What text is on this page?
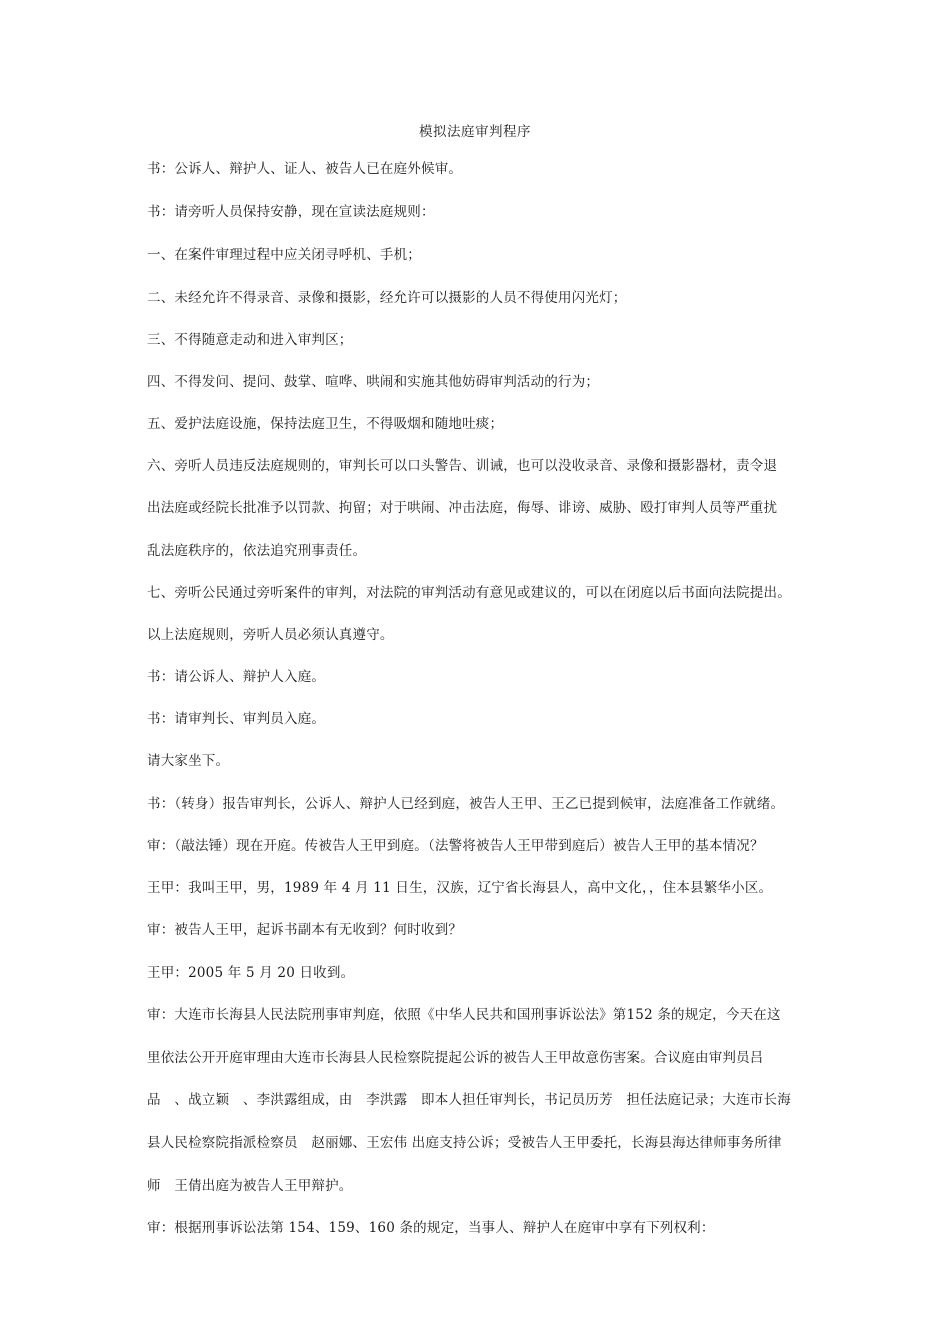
模拟法庭审判程序
书：公诉人、辩护人、证人、被告人已在庭外候审。
书：请旁听人员保持安静，现在宣读法庭规则：
一、在案件审理过程中应关闭寻呼机、手机；
二、未经允许不得录音、录像和摄影，经允许可以摄影的人员不得使用闪光灯；
三、不得随意走动和进入审判区；
四、不得发问、提问、鼓掌、喧哗、哄闹和实施其他妨碍审判活动的行为；
五、爱护法庭设施，保持法庭卫生，不得吸烟和随地吐痰；
六、旁听人员违反法庭规则的，审判长可以口头警告、训诫，也可以没收录音、录像和摄影器材，责令退
出法庭或经院长批准予以罚款、拘留；对于哄闹、冲击法庭，侮辱、诽谤、威胁、殴打审判人员等严重扰
乱法庭秩序的，依法追究刑事责任。
七、旁听公民通过旁听案件的审判，对法院的审判活动有意见或建议的，可以在闭庭以后书面向法院提出。
以上法庭规则，旁听人员必须认真遵守。
书：请公诉人、辩护人入庭。
书：请审判长、审判员入庭。
请大家坐下。
书：（转身）报告审判长，公诉人、辩护人已经到庭，被告人王甲、王乙已提到候审，法庭准备工作就绪。
审：（敲法锤）现在开庭。传被告人王甲到庭。（法警将被告人王甲带到庭后）被告人王甲的基本情况？
王甲：我叫王甲，男，1989 年 4 月 11 日生，汉族，辽宁省长海县人，高中文化，，住本县繁华小区。
审：被告人王甲，起诉书副本有无收到？何时收到？
王甲：2005 年 5 月 20 日收到。
审：大连市长海县人民法院刑事审判庭，依照《中华人民共和国刑事诉讼法》第152 条的规定，今天在这
里依法公开开庭审理由大连市长海县人民检察院提起公诉的被告人王甲故意伤害案。合议庭由审判员吕
品　、战立颖　、李洪露组成，由　李洪露　即本人担任审判长，书记员历芳　担任法庭记录；大连市长海
县人民检察院指派检察员　赵丽娜、王宏伟 出庭支持公诉；受被告人王甲委托，长海县海达律师事务所律
师　王倩出庭为被告人王甲辩护。
审：根据刑事诉讼法第 154、159、160 条的规定，当事人、辩护人在庭审中享有下列权利：
